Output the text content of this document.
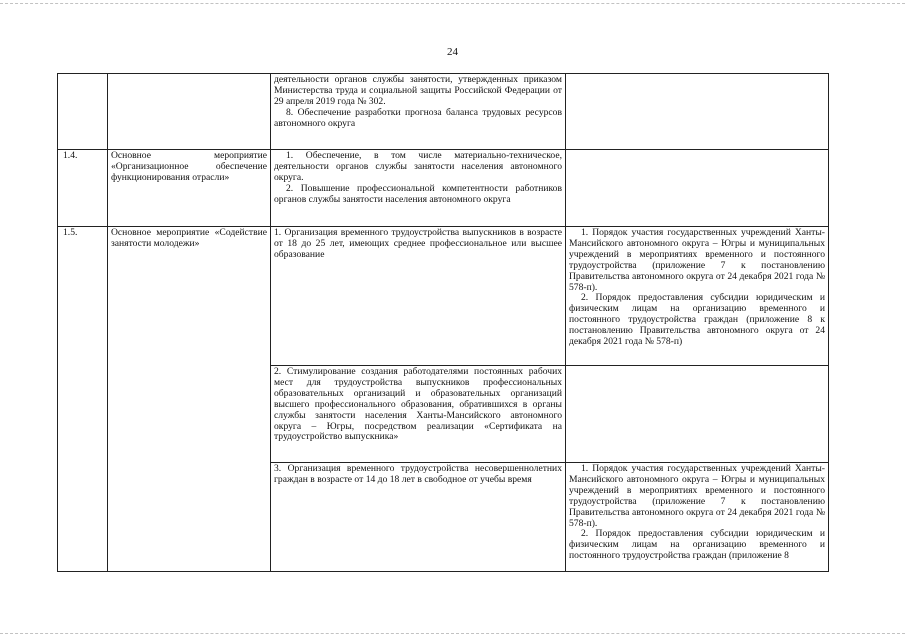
24

		деятельности органов службы занятости, утвержденных приказом Министерства труда и социальной защиты Российской Федерации от 29 апреля 2019 года № 302.
8. Обеспечение разработки прогноза баланса трудовых ресурсов автономного округа	

1.4.	Основное мероприятие «Организационное обеспечение функционирования отрасли»	1. Обеспечение, в том числе материально-техническое, деятельности органов службы занятости населения автономного округа.
2. Повышение профессиональной компетентности работников органов службы занятости населения автономного округа	

1.5.	Основное мероприятие «Содействие занятости молодежи»	1. Организация временного трудоустройства выпускников в возрасте от 18 до 25 лет, имеющих среднее профессиональное или высшее образование	1. Порядок участия государственных учреждений Ханты-Мансийского автономного округа – Югры и муниципальных учреждений в мероприятиях временного и постоянного трудоустройства (приложение 7 к постановлению Правительства автономного округа от 24 декабря 2021 года № 578-п).
2. Порядок предоставления субсидии юридическим и физическим лицам на организацию временного и постоянного трудоустройства граждан (приложение 8 к постановлению Правительства автономного округа от 24 декабря 2021 года № 578-п)

		2. Стимулирование создания работодателями постоянных рабочих мест для трудоустройства выпускников профессиональных образовательных организаций и образовательных организаций высшего профессионального образования, обратившихся в органы службы занятости населения Ханты-Мансийского автономного округа – Югры, посредством реализации «Сертификата на трудоустройство выпускника»	

		3. Организация временного трудоустройства несовершеннолетних граждан в возрасте от 14 до 18 лет в свободное от учебы время	1. Порядок участия государственных учреждений Ханты-Мансийского автономного округа – Югры и муниципальных учреждений в мероприятиях временного и постоянного трудоустройства (приложение 7 к постановлению Правительства автономного округа от 24 декабря 2021 года № 578-п).
2. Порядок предоставления субсидии юридическим и физическим лицам на организацию временного и постоянного трудоустройства граждан (приложение 8
